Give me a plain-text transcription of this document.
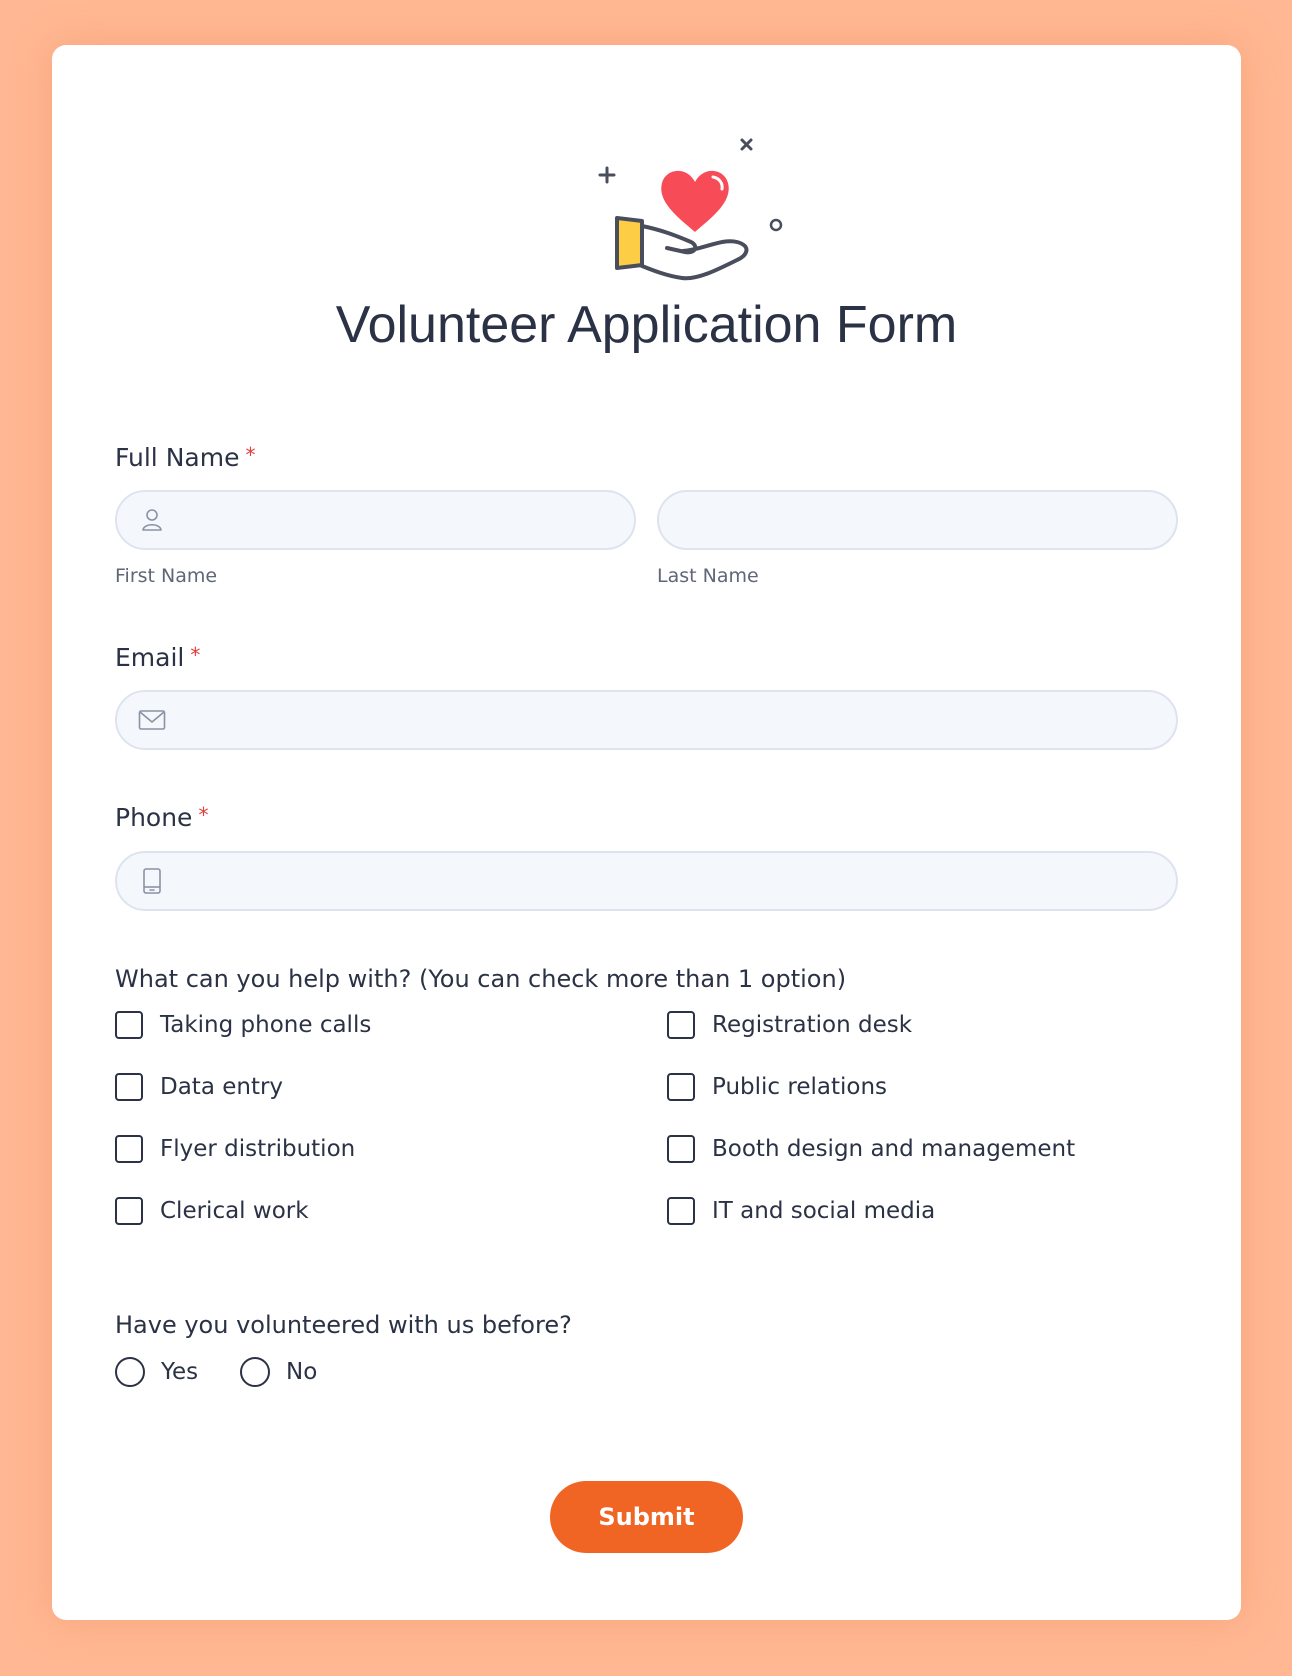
Volunteer Application Form
Full Name *
First Name	Last Name
Email *
Phone *
What can you help with? (You can check more than 1 option)
Taking phone calls
Data entry
Flyer distribution
Clerical work
Registration desk
Public relations
Booth design and management
IT and social media
Have you volunteered with us before?
Yes	No
Submit
